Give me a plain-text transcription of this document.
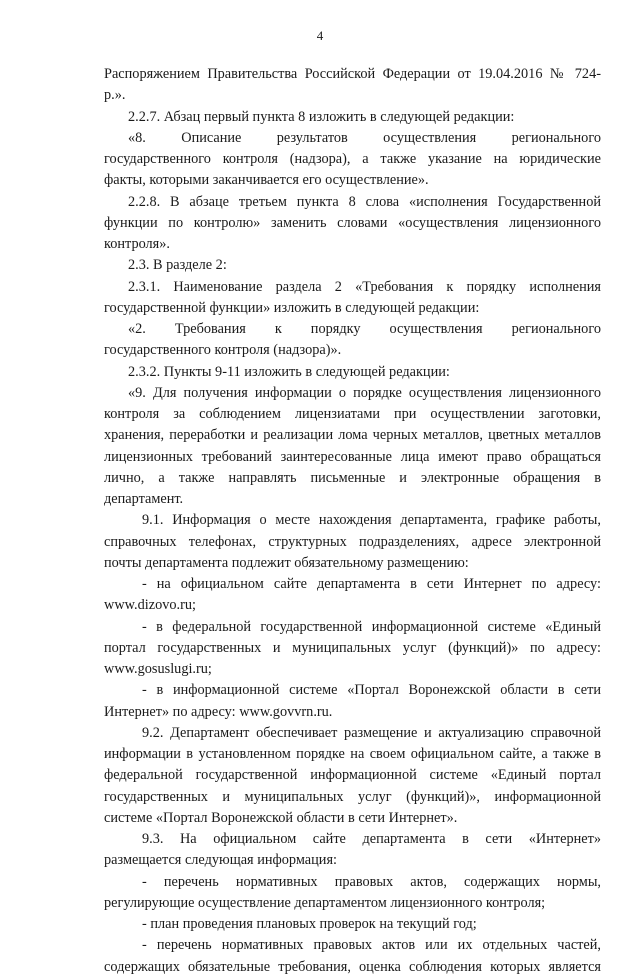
4
Распоряжением Правительства Российской Федерации от 19.04.2016 № 724-
р.».
2.2.7. Абзац первый пункта 8 изложить в следующей редакции:
«8. Описание результатов осуществления регионального
государственного контроля (надзора), а также указание на юридические
факты, которыми заканчивается его осуществление».
2.2.8. В абзаце третьем пункта 8 слова «исполнения Государственной
функции по контролю» заменить словами «осуществления лицензионного
контроля».
2.3. В разделе 2:
2.3.1. Наименование раздела 2 «Требования к порядку исполнения
государственной функции» изложить в следующей редакции:
«2. Требования к порядку осуществления регионального
государственного контроля (надзора)».
2.3.2. Пункты 9-11 изложить в следующей редакции:
«9. Для получения информации о порядке осуществления лицензионного
контроля за соблюдением лицензиатами при осуществлении заготовки,
хранения, переработки и реализации лома черных металлов, цветных металлов
лицензионных требований заинтересованные лица имеют право обращаться
лично, а также направлять письменные и электронные обращения в
департамент.
9.1. Информация о месте нахождения департамента, графике работы,
справочных телефонах, структурных подразделениях, адресе электронной
почты департамента подлежит обязательному размещению:
- на официальном сайте департамента в сети Интернет по адресу:
www.dizovo.ru;
- в федеральной государственной информационной системе «Единый
портал государственных и муниципальных услуг (функций)» по адресу:
www.gosuslugi.ru;
- в информационной системе «Портал Воронежской области в сети
Интернет» по адресу: www.govvrn.ru.
9.2. Департамент обеспечивает размещение и актуализацию справочной
информации в установленном порядке на своем официальном сайте, а также в
федеральной государственной информационной системе «Единый портал
государственных и муниципальных услуг (функций)», информационной
системе «Портал Воронежской области в сети Интернет».
9.3. На официальном сайте департамента в сети «Интернет»
размещается следующая информация:
- перечень нормативных правовых актов, содержащих нормы,
регулирующие осуществление департаментом лицензионного контроля;
- план проведения плановых проверок на текущий год;
- перечень нормативных правовых актов или их отдельных частей,
содержащих обязательные требования, оценка соблюдения которых является
